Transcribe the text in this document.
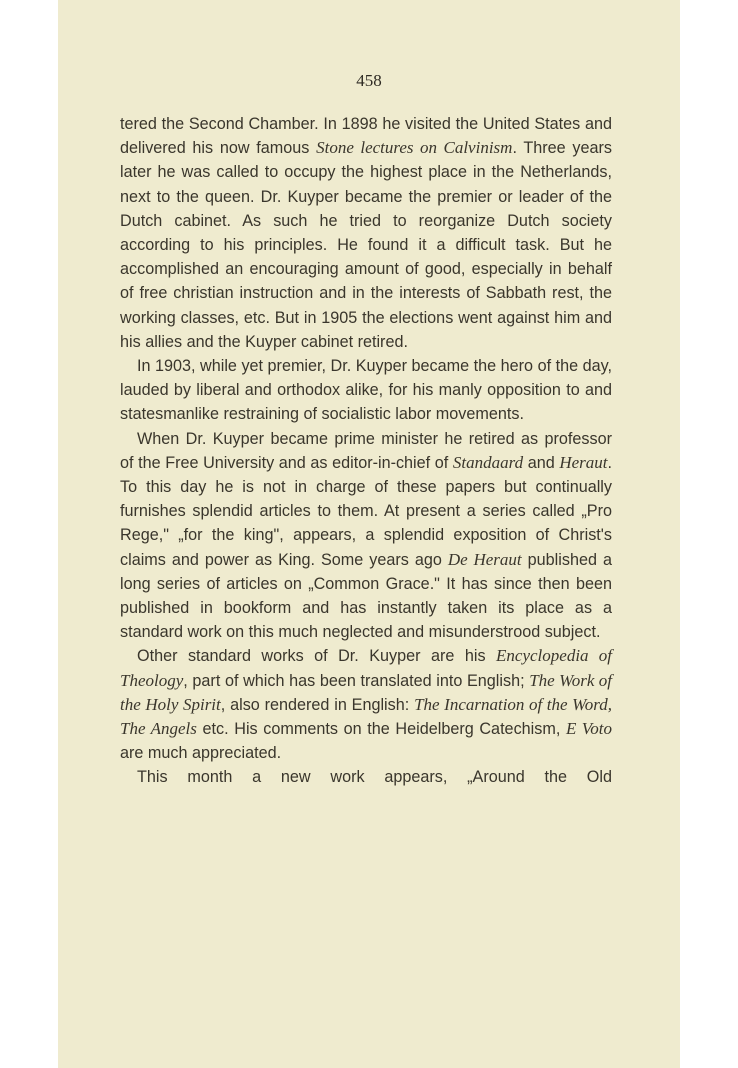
458

tered the Second Chamber. In 1898 he visited the United States and delivered his now famous Stone lectures on Calvinism. Three years later he was called to occupy the highest place in the Netherlands, next to the queen. Dr. Kuyper became the premier or leader of the Dutch cabinet. As such he tried to reorganize Dutch society according to his principles. He found it a difficult task. But he accomplished an encouraging amount of good, especially in behalf of free christian instruction and in the interests of Sabbath rest, the working classes, etc. But in 1905 the elections went against him and his allies and the Kuyper cabinet retired.

In 1903, while yet premier, Dr. Kuyper became the hero of the day, lauded by liberal and orthodox alike, for his manly opposition to and statesmanlike restraining of socialistic labor movements.

When Dr. Kuyper became prime minister he retired as professor of the Free University and as editor-in-chief of Standaard and Heraut. To this day he is not in charge of these papers but continually furnishes splendid articles to them. At present a series called „Pro Rege," „for the king", appears, a splendid exposition of Christ's claims and power as King. Some years ago De Heraut published a long series of articles on „Common Grace." It has since then been published in bookform and has instantly taken its place as a standard work on this much neglected and misunderstrood subject.

Other standard works of Dr. Kuyper are his Encyclopedia of Theology, part of which has been translated into English; The Work of the Holy Spirit, also rendered in English: The Incarnation of the Word, The Angels etc. His comments on the Heidelberg Catechism, E Voto are much appreciated.

This month a new work appears, „Around the Old
